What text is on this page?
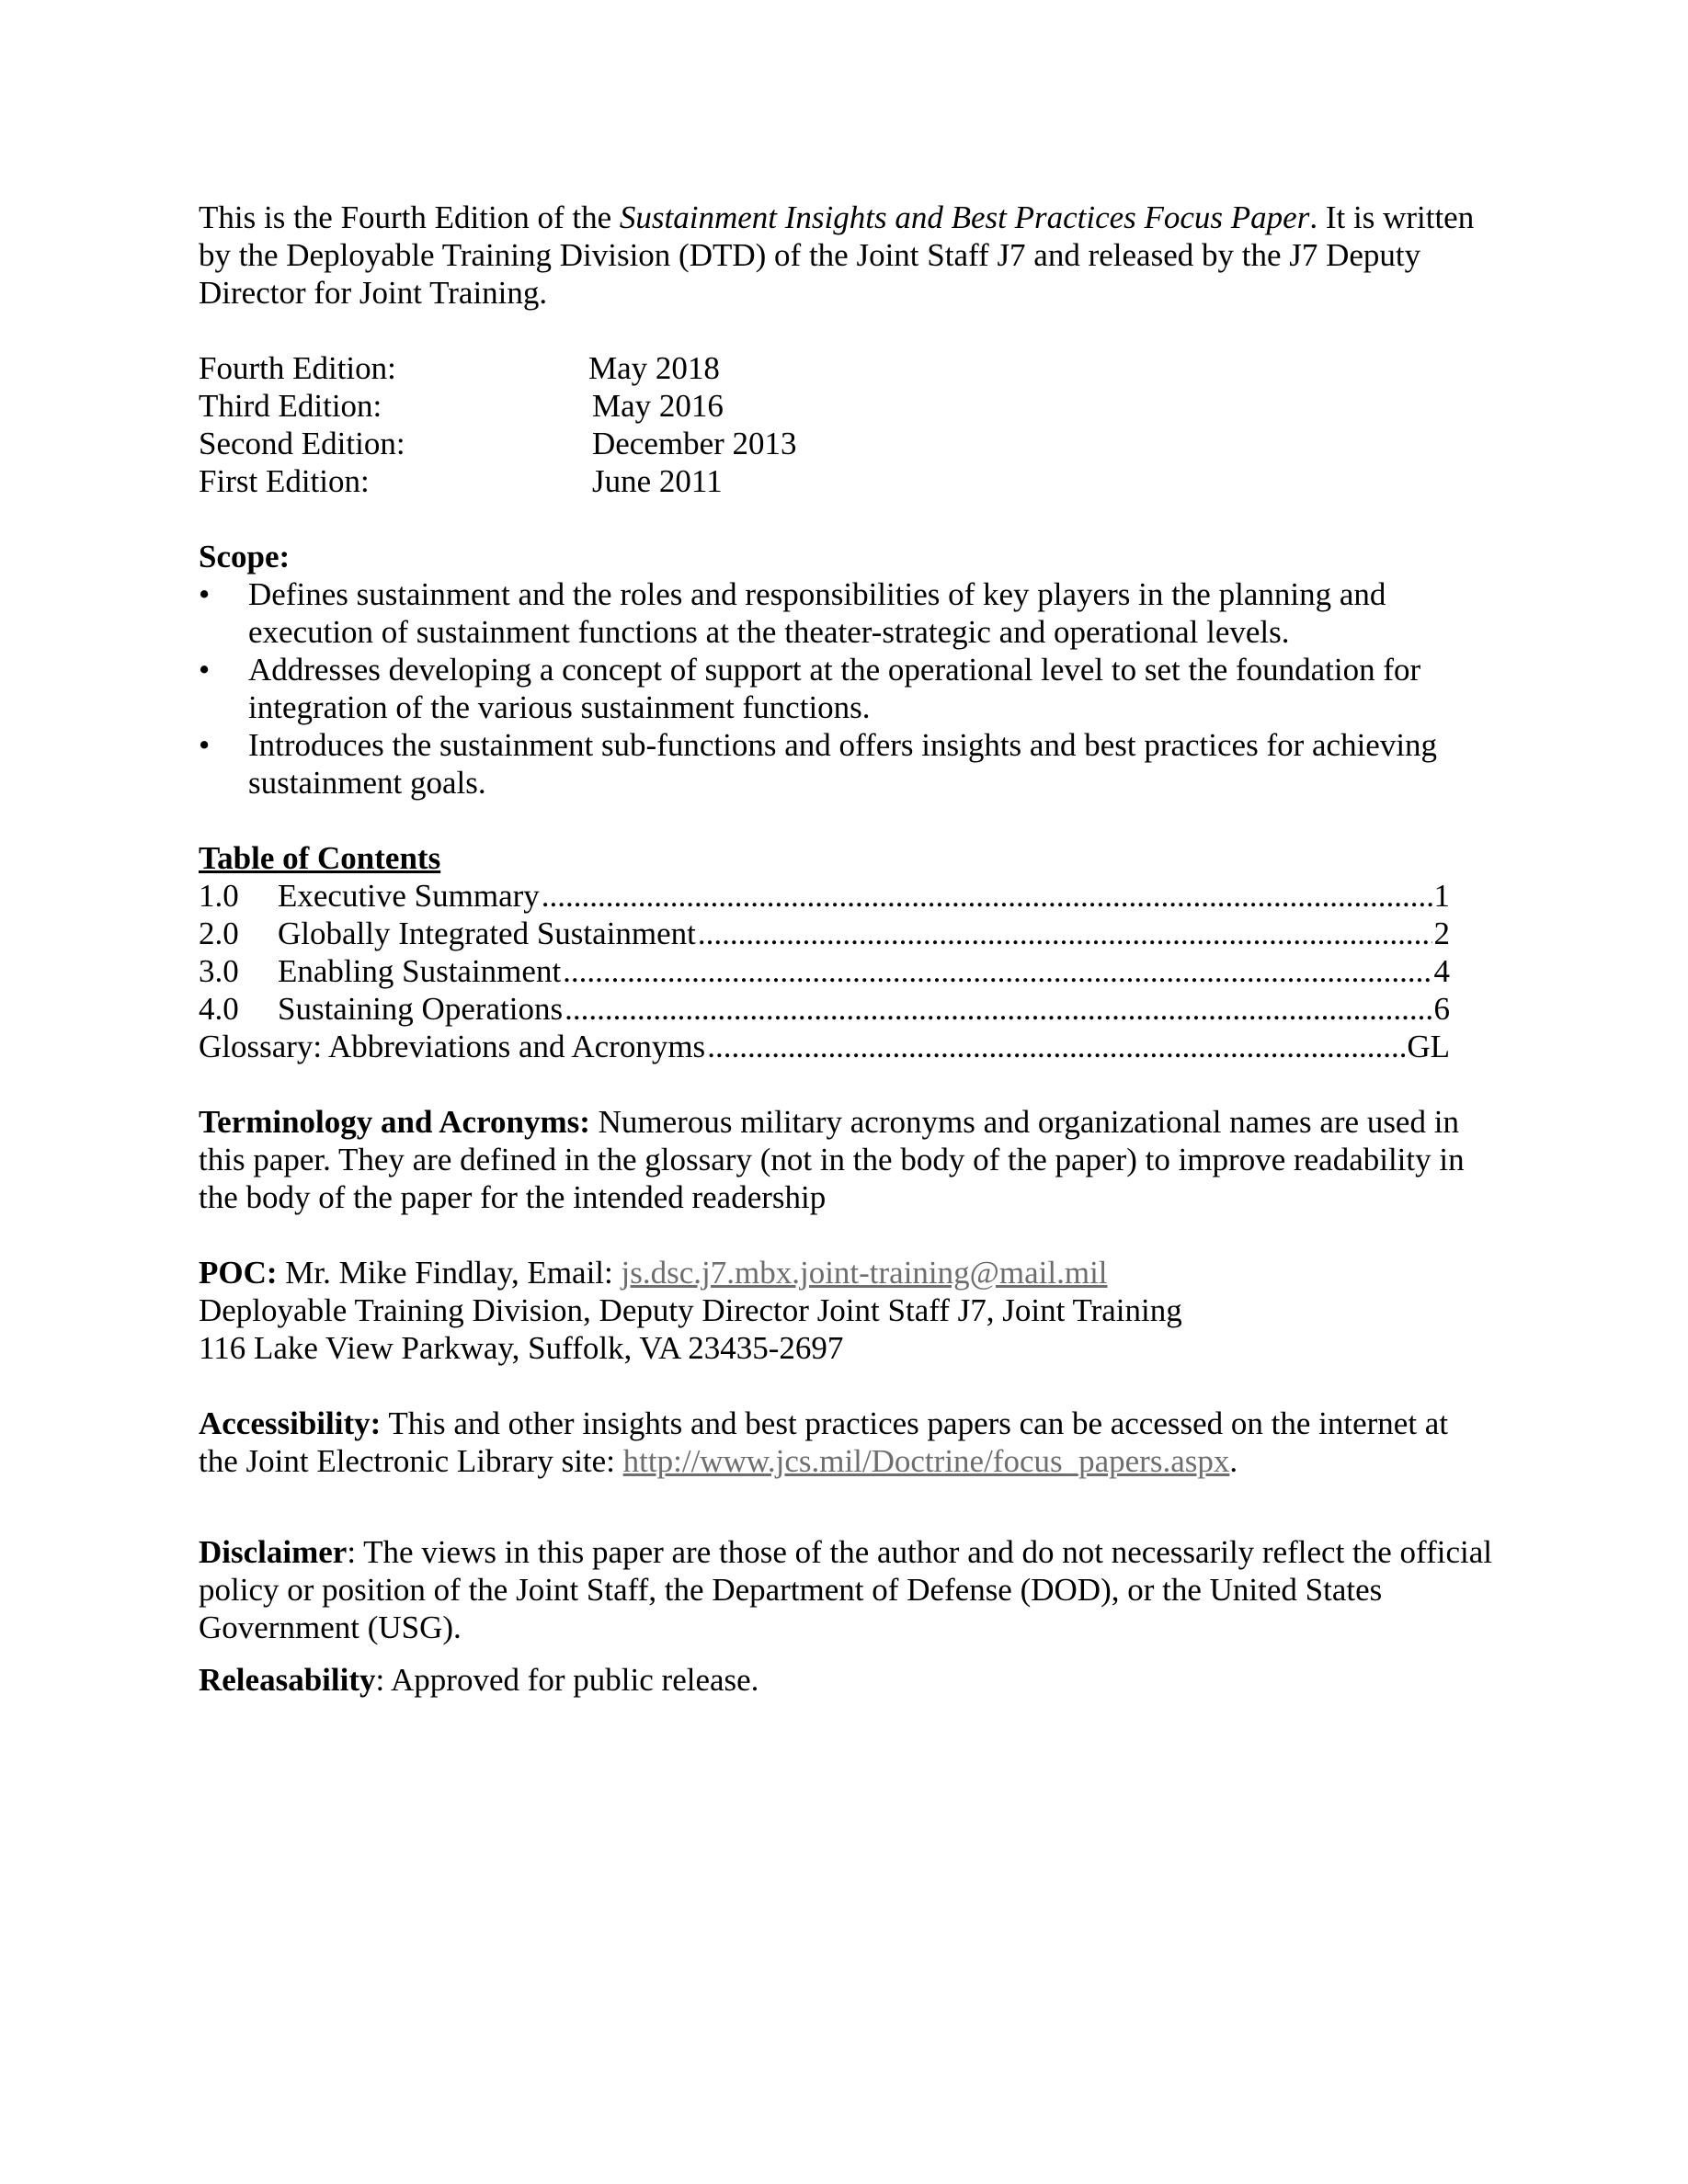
This is the Fourth Edition of the Sustainment Insights and Best Practices Focus Paper. It is written by the Deployable Training Division (DTD) of the Joint Staff J7 and released by the J7 Deputy Director for Joint Training.

Fourth Edition:	May 2018
Third Edition:	May 2016
Second Edition:	December 2013
First Edition:	June 2011

Scope:

•	Defines sustainment and the roles and responsibilities of key players in the planning and execution of sustainment functions at the theater-strategic and operational levels.
•	Addresses developing a concept of support at the operational level to set the foundation for integration of the various sustainment functions.
•	Introduces the sustainment sub-functions and offers insights and best practices for achieving sustainment goals.

Table of Contents

1.0	Executive Summary .....	1
2.0	Globally Integrated Sustainment .....	2
3.0	Enabling Sustainment .....	4
4.0	Sustaining Operations .....	6
Glossary: Abbreviations and Acronyms .....	GL

Terminology and Acronyms: Numerous military acronyms and organizational names are used in this paper. They are defined in the glossary (not in the body of the paper) to improve readability in the body of the paper for the intended readership

POC: Mr. Mike Findlay, Email: js.dsc.j7.mbx.joint-training@mail.mil

Deployable Training Division, Deputy Director Joint Staff J7, Joint Training

116 Lake View Parkway, Suffolk, VA 23435-2697

Accessibility: This and other insights and best practices papers can be accessed on the internet at the Joint Electronic Library site: http://www.jcs.mil/Doctrine/focus_papers.aspx.

Disclaimer: The views in this paper are those of the author and do not necessarily reflect the official policy or position of the Joint Staff, the Department of Defense (DOD), or the United States Government (USG).

Releasability: Approved for public release.
